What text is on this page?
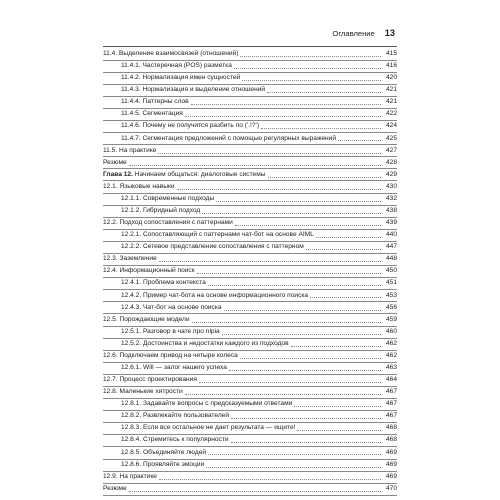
Оглавление 13
11.4. Выделение взаимосвязей (отношений)	415
11.4.1. Частеречная (POS) разметка	416
11.4.2. Нормализация имен сущностей	420
11.4.3. Нормализация и выделение отношений	421
11.4.4. Паттерны слов	421
11.4.5. Сегментация	422
11.4.6. Почему не получится разбить по ('.!?')	424
11.4.7. Сегментация предложений с помощью регулярных выражений	425
11.5. На практике	427
Резюме	428
Глава 12. Начинаем общаться: диалоговые системы	429
12.1. Языковые навыки	430
12.1.1. Современные подходы	432
12.1.2. Гибридный подход	438
12.2. Подход сопоставления с паттернами	439
12.2.1. Сопоставляющий с паттернами чат-бот на основе AIML	440
12.2.2. Сетевое представление сопоставления с паттерном	447
12.3. Заземление	448
12.4. Информационный поиск	450
12.4.1. Проблема контекста	451
12.4.2. Пример чат-бота на основе информационного поиска	453
12.4.3. Чат-бот на основе поиска	456
12.5. Порождающие модели	459
12.5.1. Разговор в чате про nlpia	460
12.5.2. Достоинства и недостатки каждого из подходов	462
12.6. Подключаем привод на четыре колеса	462
12.6.1. Will — залог нашего успеха	463
12.7. Процесс проектирования	464
12.8. Маленькие хитрости	467
12.8.1. Задавайте вопросы с предсказуемыми ответами	467
12.8.2. Развлекайте пользователей	467
12.8.3. Если все остальное не дает результата — ищите!	468
12.8.4. Стремитесь к популярности	468
12.8.5. Объединяйте людей	469
12.8.6. Проявляйте эмоции	469
12.9. На практике	469
Резюме	470
